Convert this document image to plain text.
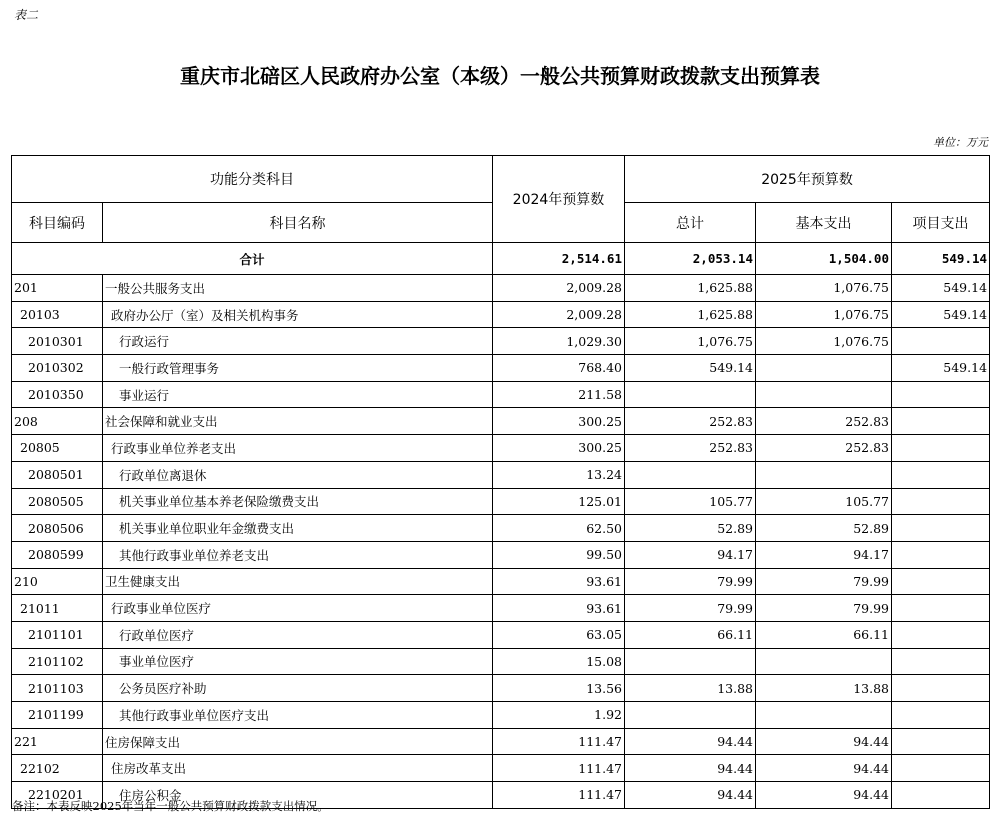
表二
重庆市北碚区人民政府办公室（本级）一般公共预算财政拨款支出预算表
单位：万元
功能分类科目		2024年预算数	2025年预算数		
科目编码	科目名称		总计	基本支出	项目支出
合计		2,514.61	2,053.14	1,504.00	549.14
201	一般公共服务支出	2,009.28	1,625.88	1,076.75	549.14
20103	政府办公厅（室）及相关机构事务	2,009.28	1,625.88	1,076.75	549.14
2010301	行政运行	1,029.30	1,076.75	1,076.75	
2010302	一般行政管理事务	768.40	549.14		549.14
2010350	事业运行	211.58			
208	社会保障和就业支出	300.25	252.83	252.83	
20805	行政事业单位养老支出	300.25	252.83	252.83	
2080501	行政单位离退休	13.24			
2080505	机关事业单位基本养老保险缴费支出	125.01	105.77	105.77	
2080506	机关事业单位职业年金缴费支出	62.50	52.89	52.89	
2080599	其他行政事业单位养老支出	99.50	94.17	94.17	
210	卫生健康支出	93.61	79.99	79.99	
21011	行政事业单位医疗	93.61	79.99	79.99	
2101101	行政单位医疗	63.05	66.11	66.11	
2101102	事业单位医疗	15.08			
2101103	公务员医疗补助	13.56	13.88	13.88	
2101199	其他行政事业单位医疗支出	1.92			
221	住房保障支出	111.47	94.44	94.44	
22102	住房改革支出	111.47	94.44	94.44	
2210201	住房公积金	111.47	94.44	94.44	
备注：本表反映2025年当年一般公共预算财政拨款支出情况。
